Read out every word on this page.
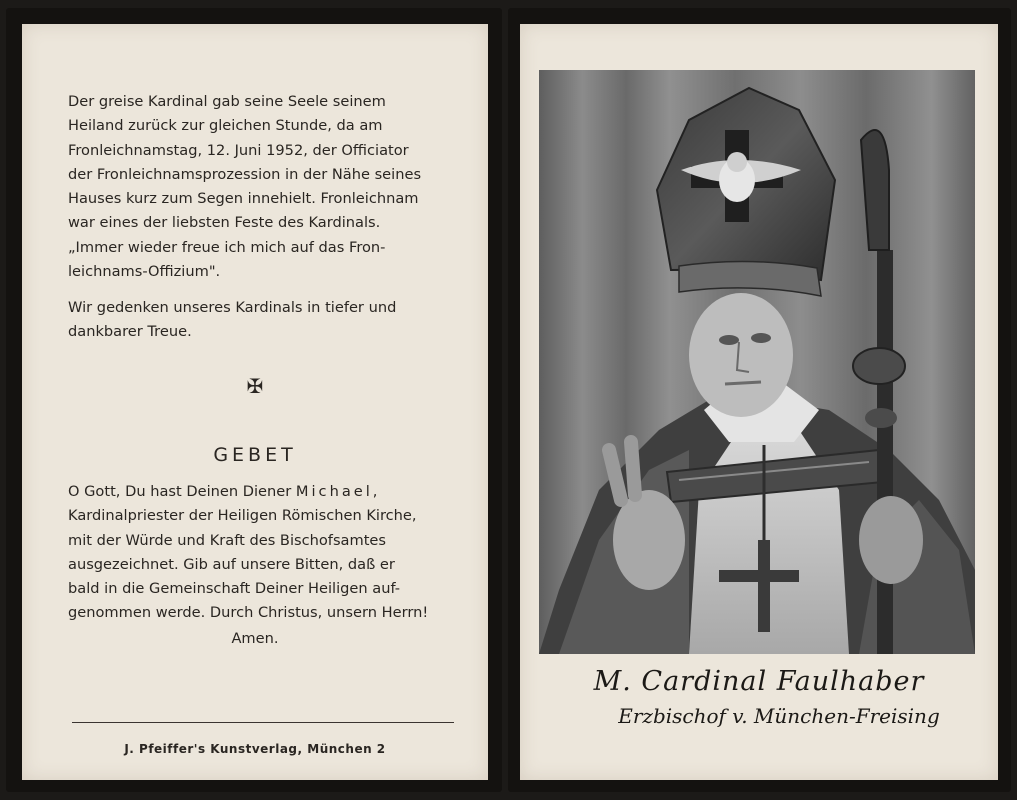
Der greise Kardinal gab seine Seele seinem

Heiland zurück zur gleichen Stunde, da am

Fronleichnamstag, 12. Juni 1952, der Officiator

der Fronleichnamsprozession in der Nähe seines

Hauses kurz zum Segen innehielt. Fronleichnam

war eines der liebsten Feste des Kardinals.

„Immer wieder freue ich mich auf das Fron-

leichnams-Offizium".

Wir gedenken unseres Kardinals in tiefer und

dankbarer Treue.

✠
GEBET

O Gott, Du hast Deinen Diener Michael,

Kardinalpriester der Heiligen Römischen Kirche,

mit der Würde und Kraft des Bischofsamtes

ausgezeichnet. Gib auf unsere Bitten, daß er

bald in die Gemeinschaft Deiner Heiligen auf-

genommen werde. Durch Christus, unsern Herrn!

Amen.
J. Pfeiffer's Kunstverlag, München 2
M. Cardinal Faulhaber
Erzbischof v. München-Freising
